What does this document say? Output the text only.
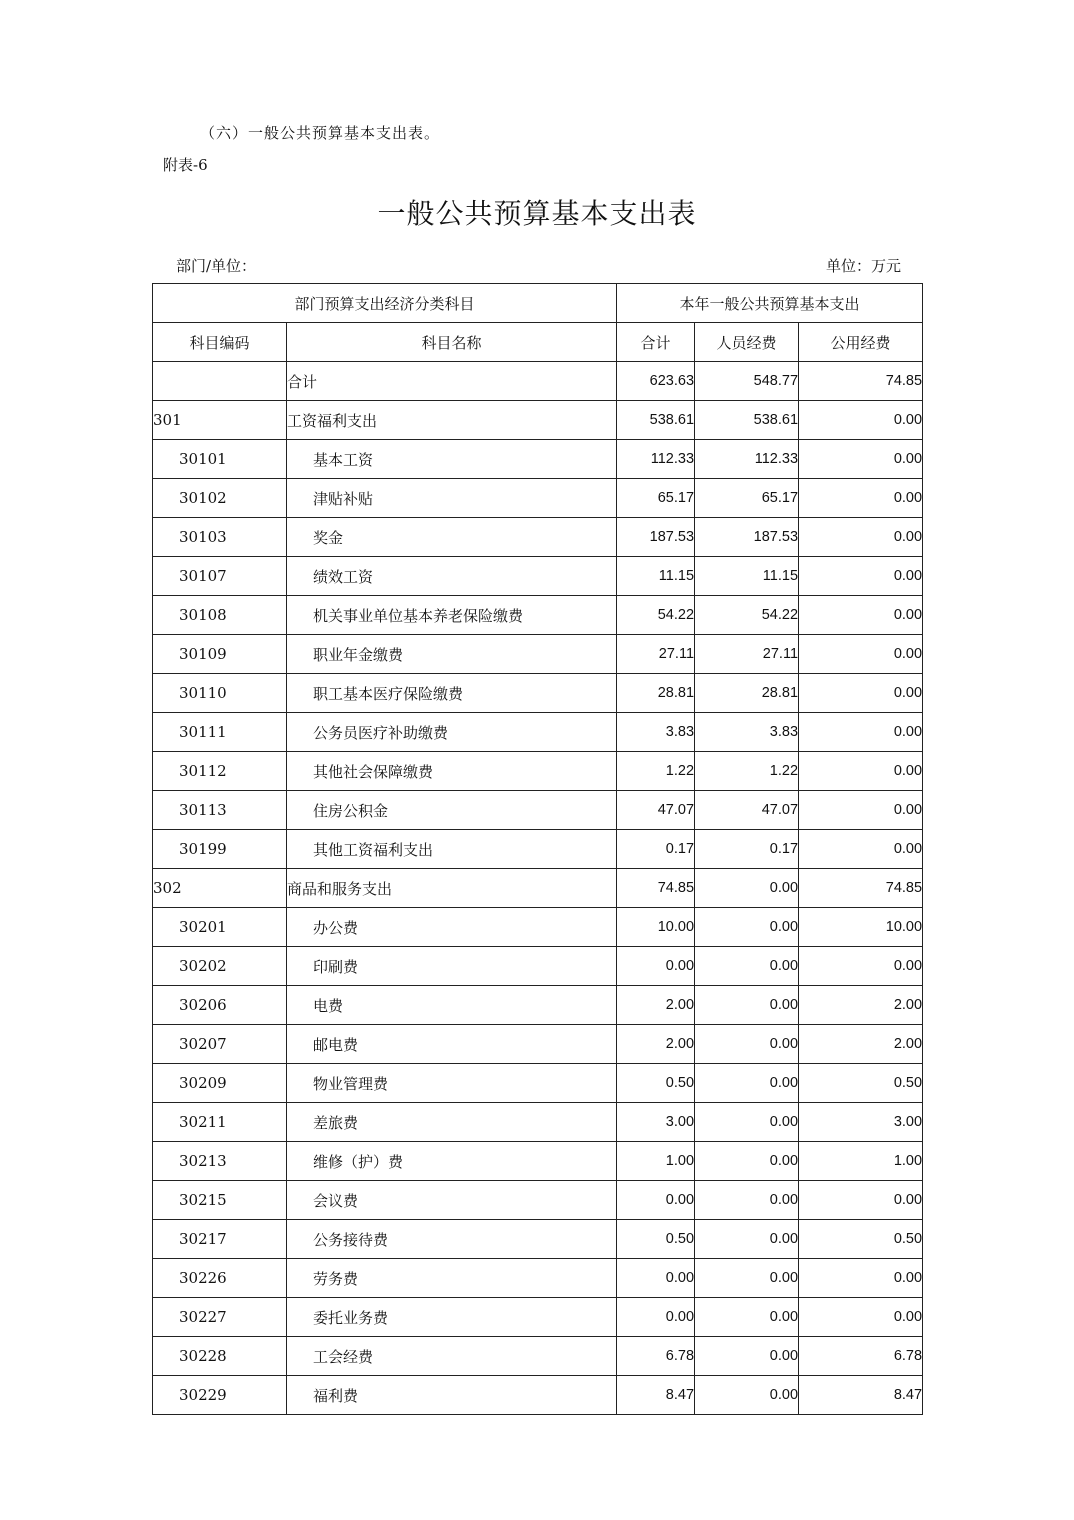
（六）一般公共预算基本支出表。
附表-6
一般公共预算基本支出表
部门/单位：	单位：万元
部门预算支出经济分类科目		本年一般公共预算基本支出		
科目编码	科目名称	合计	人员经费	公用经费
	合计	623.63	548.77	74.85
301	工资福利支出	538.61	538.61	0.00
30101	基本工资	112.33	112.33	0.00
30102	津贴补贴	65.17	65.17	0.00
30103	奖金	187.53	187.53	0.00
30107	绩效工资	11.15	11.15	0.00
30108	机关事业单位基本养老保险缴费	54.22	54.22	0.00
30109	职业年金缴费	27.11	27.11	0.00
30110	职工基本医疗保险缴费	28.81	28.81	0.00
30111	公务员医疗补助缴费	3.83	3.83	0.00
30112	其他社会保障缴费	1.22	1.22	0.00
30113	住房公积金	47.07	47.07	0.00
30199	其他工资福利支出	0.17	0.17	0.00
302	商品和服务支出	74.85	0.00	74.85
30201	办公费	10.00	0.00	10.00
30202	印刷费	0.00	0.00	0.00
30206	电费	2.00	0.00	2.00
30207	邮电费	2.00	0.00	2.00
30209	物业管理费	0.50	0.00	0.50
30211	差旅费	3.00	0.00	3.00
30213	维修（护）费	1.00	0.00	1.00
30215	会议费	0.00	0.00	0.00
30217	公务接待费	0.50	0.00	0.50
30226	劳务费	0.00	0.00	0.00
30227	委托业务费	0.00	0.00	0.00
30228	工会经费	6.78	0.00	6.78
30229	福利费	8.47	0.00	8.47
